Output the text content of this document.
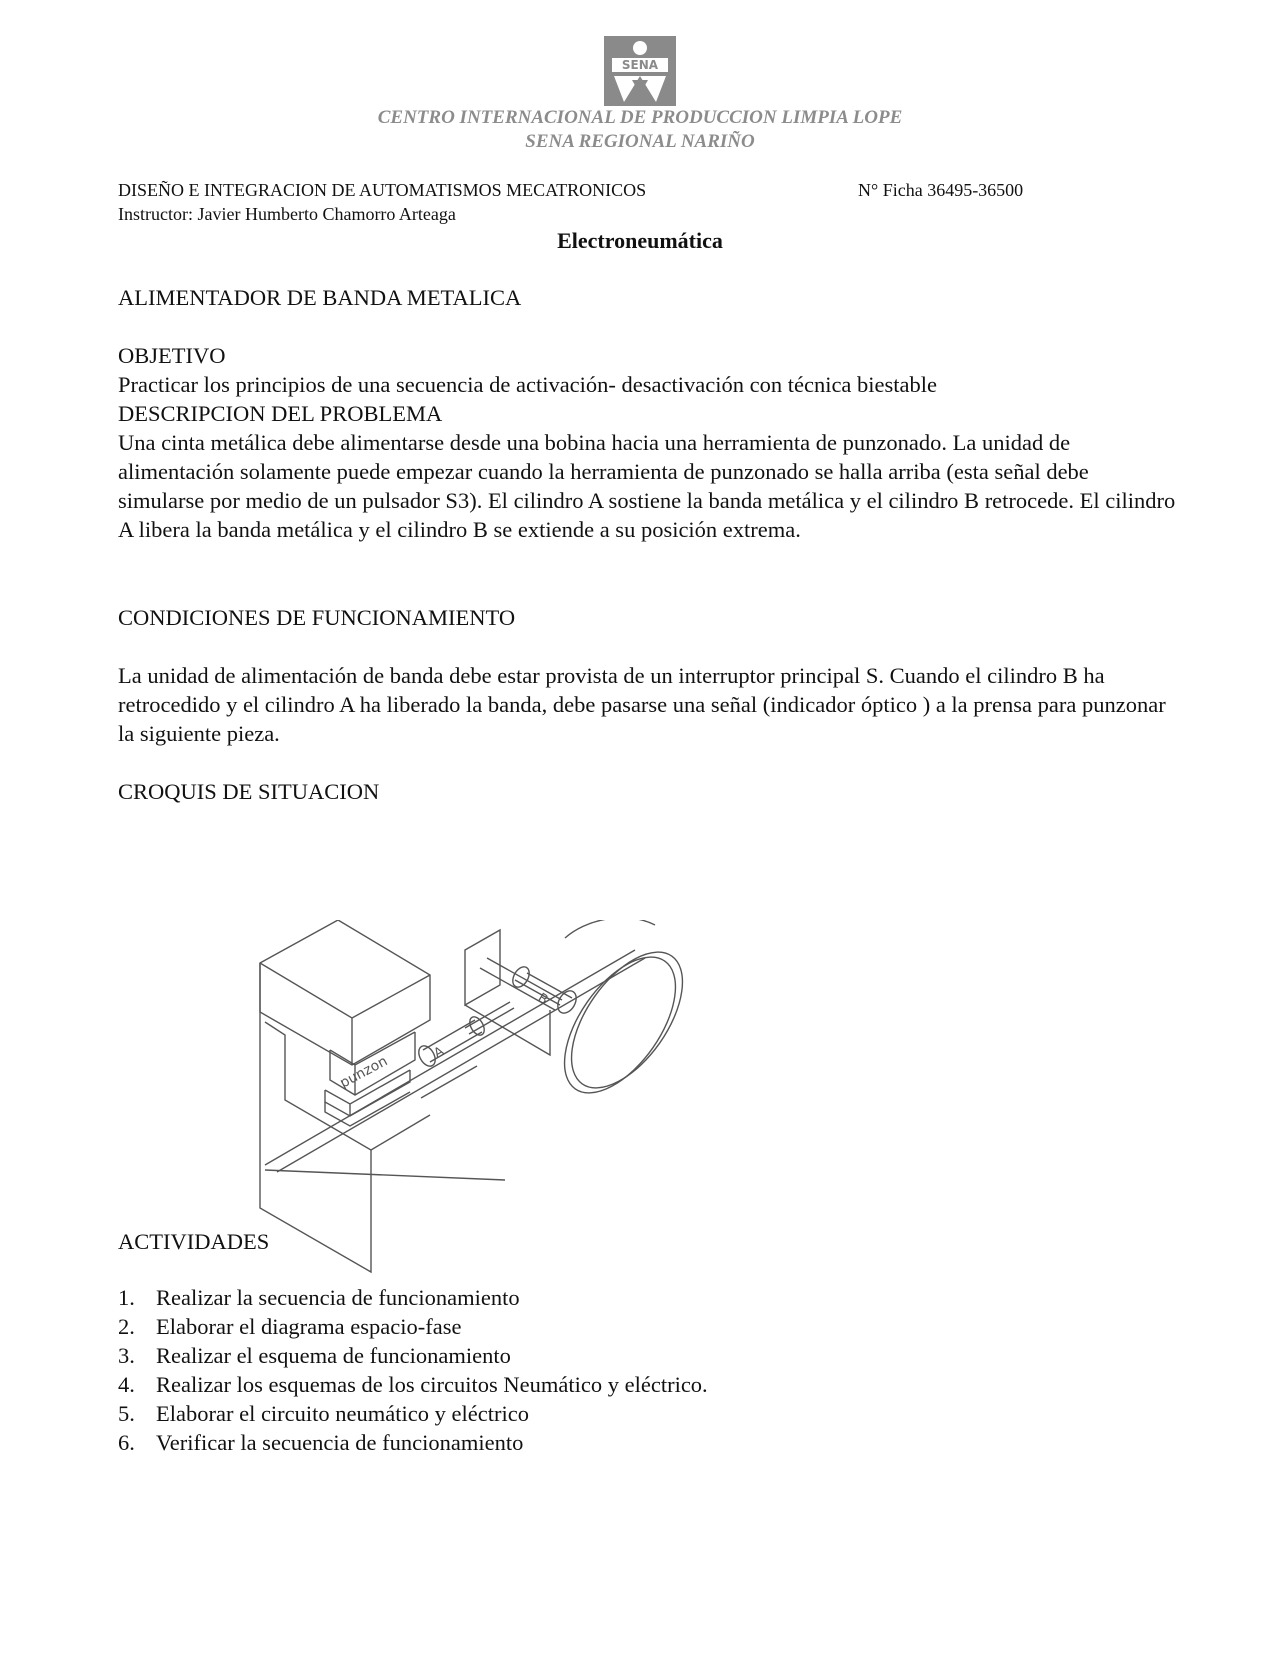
SENA
CENTRO INTERNACIONAL DE PRODUCCION LIMPIA LOPE
SENA REGIONAL NARIÑO
DISEÑO E INTEGRACION DE AUTOMATISMOS MECATRONICOS	N° Ficha 36495-36500
Instructor: Javier Humberto Chamorro Arteaga
Electroneumática
ALIMENTADOR DE BANDA METALICA
OBJETIVO
Practicar los principios de una secuencia de activación- desactivación con técnica biestable
DESCRIPCION DEL PROBLEMA
Una cinta metálica debe alimentarse desde una bobina hacia una herramienta de punzonado. La unidad de alimentación solamente puede empezar cuando la herramienta de punzonado se halla arriba (esta señal debe simularse por medio de un pulsador S3). El cilindro A sostiene la banda metálica y el cilindro B retrocede. El cilindro A libera la banda metálica y el cilindro B se extiende a su posición extrema.
CONDICIONES DE FUNCIONAMIENTO
La unidad de alimentación de banda debe estar provista de un interruptor principal S. Cuando el cilindro B ha retrocedido y el cilindro A ha liberado la banda, debe pasarse una señal (indicador óptico ) a la prensa para punzonar la siguiente pieza.
CROQUIS DE SITUACION
punzon
B
A
ACTIVIDADES
1. Realizar la secuencia de funcionamiento
2. Elaborar el diagrama espacio-fase
3. Realizar el esquema de funcionamiento
4. Realizar los esquemas de los circuitos Neumático y eléctrico.
5. Elaborar el circuito neumático y eléctrico
6. Verificar la secuencia de funcionamiento
